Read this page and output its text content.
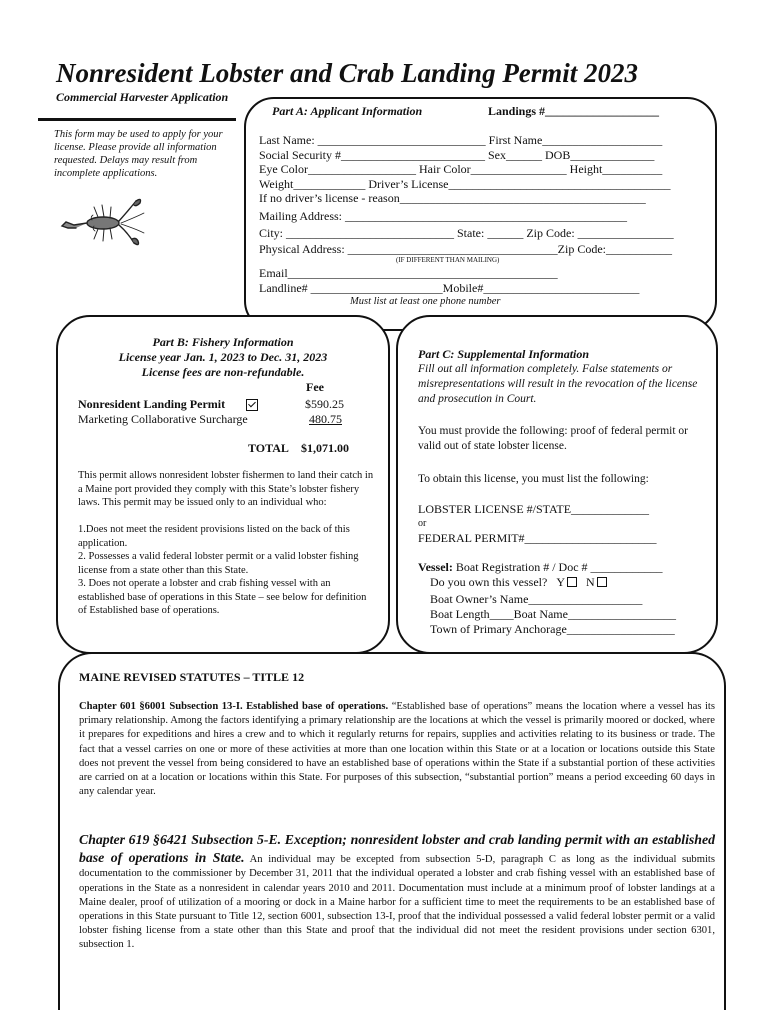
Nonresident Lobster and Crab Landing Permit 2023
Commercial Harvester Application
This form may be used to apply for your license. Please provide all information requested. Delays may result from incomplete applications.
Part A: Applicant Information	Landings #___________________
Last Name: ____________________________ First Name____________________
Social Security #________________________ Sex______ DOB______________
Eye Color__________________ Hair Color________________ Height__________
Weight____________ Driver’s License_____________________________________
If no driver’s license - reason_________________________________________
Mailing Address: _______________________________________________
City: ____________________________ State: ______ Zip Code: ________________
Physical Address: ___________________________________Zip Code:___________
(IF DIFFERENT THAN MAILING)
Email_____________________________________________
Landline# ______________________Mobile#__________________________
Must list at least one phone number
Part B: Fishery Information
License year Jan. 1, 2023 to Dec. 31, 2023
License fees are non-refundable.
Fee
Nonresident Landing Permit	$590.25
Marketing Collaborative Surcharge	480.75
TOTAL $1,071.00
This permit allows nonresident lobster fishermen to land their catch in a Maine port provided they comply with this State’s lobster fishery laws. This permit may be issued only to an individual who:
1.Does not meet the resident provisions listed on the back of this application.
2. Possesses a valid federal lobster permit or a valid lobster fishing license from a state other than this State.
3. Does not operate a lobster and crab fishing vessel with an established base of operations in this State – see below for definition of Established base of operations.
Part C: Supplemental Information
Fill out all information completely. False statements or misrepresentations will result in the revocation of the license and prosecution in Court.
You must provide the following: proof of federal permit or valid out of state lobster license.
To obtain this license, you must list the following:
LOBSTER LICENSE #/STATE_____________
or
FEDERAL PERMIT#______________________
Vessel: Boat Registration # / Doc # ____________
Do you own this vessel? Y N
Boat Owner’s Name___________________
Boat Length____Boat Name__________________
Town of Primary Anchorage__________________
MAINE REVISED STATUTES – TITLE 12
Chapter 601 §6001 Subsection 13-I. Established base of operations. “Established base of operations” means the location where a vessel has its primary relationship. Among the factors identifying a primary relationship are the locations at which the vessel is primarily moored or docked, where it prepares for expeditions and hires a crew and to which it regularly returns for repairs, supplies and activities relating to its business or trade. The fact that a vessel carries on one or more of these activities at more than one location within this State or at a location or locations outside this State does not prevent the vessel from being considered to have an established base of operations within the State if a substantial portion of these activities are carried on at a location or locations within this State. For purposes of this subsection, “substantial portion” means a period exceeding 60 days in any calendar year.
Chapter 619 §6421 Subsection 5-E. Exception; nonresident lobster and crab landing permit with an established base of operations in State. An individual may be excepted from subsection 5-D, paragraph C as long as the individual submits documentation to the commissioner by December 31, 2011 that the individual operated a lobster and crab fishing vessel with an established base of operations in the State as a nonresident in calendar years 2010 and 2011. Documentation must include at a minimum proof of lobster landings at a Maine dealer, proof of utilization of a mooring or dock in a Maine harbor for a sufficient time to meet the requirements to be an established base of operations in this State pursuant to Title 12, section 6001, subsection 13-I, proof that the individual possessed a valid federal lobster permit or a valid lobster fishing license from a state other than this State and proof that the individual did not meet the resident provisions under section 6301, subsection 1.
